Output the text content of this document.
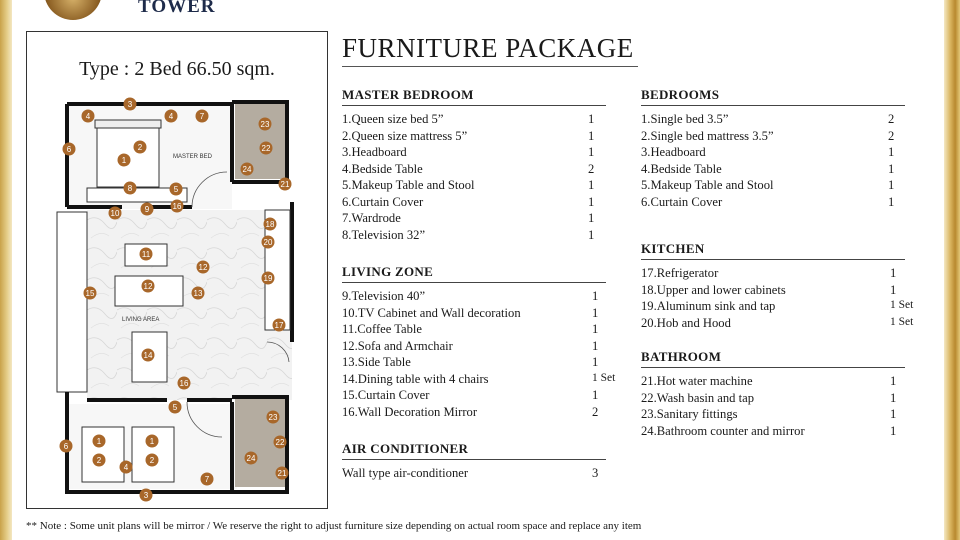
TOWER
Type : 2 Bed 66.50 sqm.
MASTER BED
LIVING AREA
3
4	4	7
2
1
6
8	5
10	9	16
11
12
12
13
15
14
16
5
18
20
19
17
23
22
24
21
6
1	1
2	2
4
7
3
23
22
24
21
FURNITURE PACKAGE
MASTER BEDROOM
1.Queen size bed 5”	1
2.Queen size mattress 5”	1
3.Headboard	1
4.Bedside Table	2
5.Makeup Table and Stool	1
6.Curtain Cover	1
7.Wardrode	1
8.Television 32”	1
LIVING ZONE
9.Television 40”	1
10.TV Cabinet and Wall decoration	1
11.Coffee Table	1
12.Sofa and Armchair	1
13.Side Table	1
14.Dining table with 4 chairs	1 Set
15.Curtain Cover	1
16.Wall Decoration Mirror	2
AIR CONDITIONER
Wall type air-conditioner	3
BEDROOMS
1.Single bed 3.5”	2
2.Single bed mattress 3.5”	2
3.Headboard	1
4.Bedside Table	1
5.Makeup Table and Stool	1
6.Curtain Cover	1
KITCHEN
17.Refrigerator	1
18.Upper and lower cabinets	1
19.Aluminum sink and tap	1 Set
20.Hob and Hood	1 Set
BATHROOM
21.Hot water machine	1
22.Wash basin and tap	1
23.Sanitary fittings	1
24.Bathroom counter and mirror	1
** Note : Some unit plans will be mirror / We reserve the right to adjust furniture size depending on actual room space and replace any item
